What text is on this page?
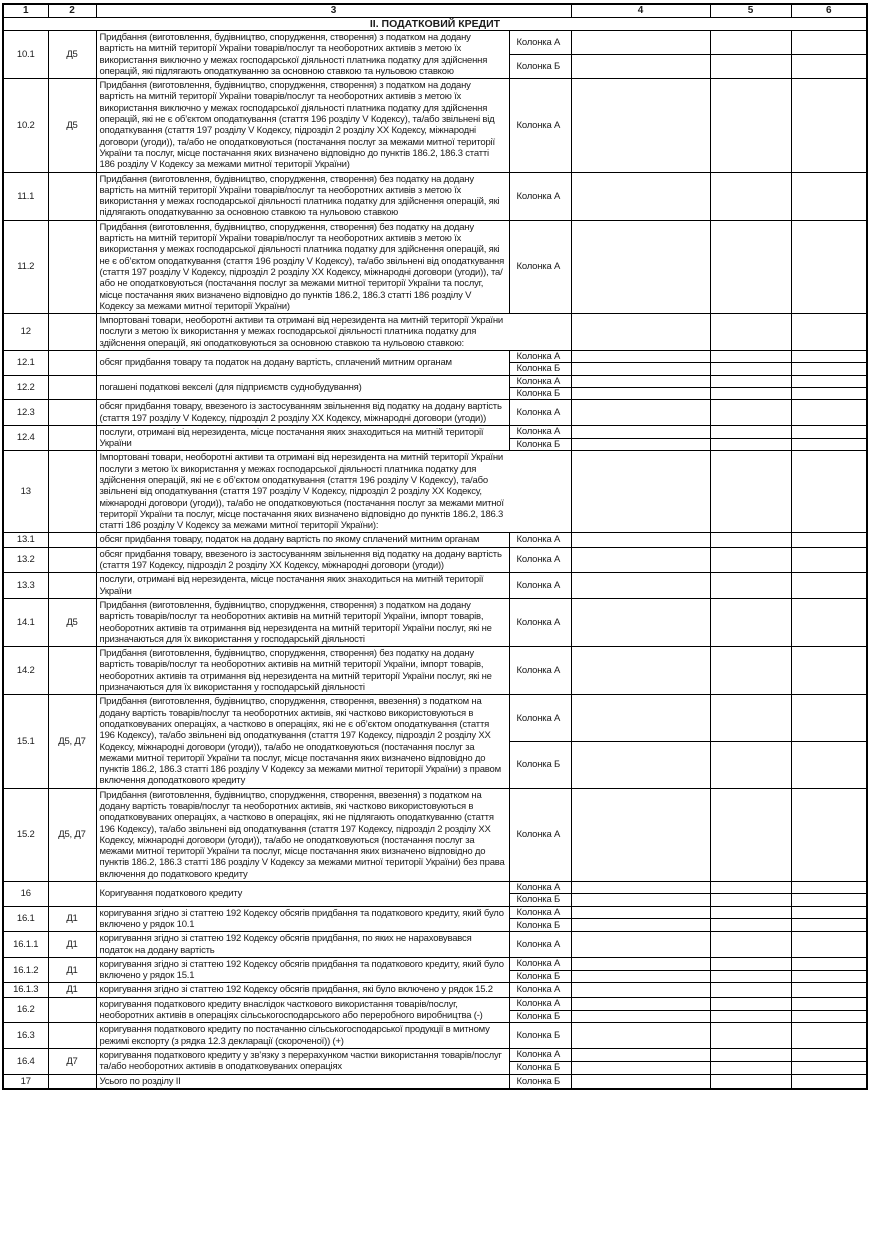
1	2	3		4	5	6
ІІ. ПОДАТКОВИЙ КРЕДИТ						
10.1	Д5	Придбання (виготовлення, будівництво, спорудження, створення) з податком на додану вартість на митній території України товарів/послуг та необоротних активів з метою їх використання виключно у межах господарської діяльності платника податку для здійснення операцій, які підлягають оподаткуванню за основною ставкою та нульовою ставкою	Колонка А			
			Колонка Б			
10.2	Д5	Придбання (виготовлення, будівництво, спорудження, створення) з податком на додану вартість на митній території України товарів/послуг та необоротних активів з метою їх використання виключно у межах господарської діяльності платника податку для здійснення операцій, які не є об’єктом оподаткування (стаття 196 розділу V Кодексу), та/або звільнені від оподаткування (стаття 197 розділу V Кодексу, підрозділ 2 розділу XX Кодексу, міжнародні договори (угоди)), та/або не оподатковуються (постачання послуг за межами митної території України та послуг, місце постачання яких визначено відповідно до пунктів 186.2, 186.3 статті 186 розділу V Кодексу за межами митної території України)	Колонка А			
11.1		Придбання (виготовлення, будівництво, спорудження, створення) без податку на додану вартість на митній території України товарів/послуг та необоротних активів з метою їх використання у межах господарської діяльності платника податку для здійснення операцій, які підлягають оподаткуванню за основною ставкою та нульовою ставкою	Колонка А			
11.2		Придбання (виготовлення, будівництво, спорудження, створення) без податку на додану вартість на митній території України товарів/послуг та необоротних активів з метою їх використання у межах господарської діяльності платника податку для здійснення операцій, які не є об’єктом оподаткування (стаття 196 розділу V Кодексу), та/або звільнені від оподаткування (стаття 197 розділу V Кодексу, підрозділ 2 розділу XX Кодексу, міжнародні договори (угоди)), та/або не оподатковуються (постачання послуг за межами митної території України та послуг, місце постачання яких визначено відповідно до пунктів 186.2, 186.3 статті 186 розділу V Кодексу за межами митної території України)	Колонка А			
12		Імпортовані товари, необоротні активи та отримані від нерезидента на митній території України послуги з метою їх використання у межах господарської діяльності платника податку для здійснення операцій, які оподатковуються за основною ставкою та нульовою ставкою:				

12.1		обсяг придбання товару та податок на додану вартість, сплачений митним органам	Колонка А			
			Колонка Б			
12.2		погашені податкові векселі (для підприємств суднобудування)	Колонка А			
			Колонка Б			
12.3		обсяг придбання товару, ввезеного із застосуванням звільнення від податку на додану вартість (стаття 197 розділу V Кодексу, підрозділ 2 розділу XX Кодексу, міжнародні договори (угоди))	Колонка А			
12.4		послуги, отримані від нерезидента, місце постачання яких знаходиться на митній території України	Колонка А			
			Колонка Б			
13		Імпортовані товари, необоротні активи та отримані від нерезидента на митній території України послуги з метою їх використання у межах господарської діяльності платника податку для здійснення операцій, які не є об’єктом оподаткування (стаття 196 розділу V Кодексу), та/або звільнені від оподаткування (стаття 197 розділу V Кодексу, підрозділ 2 розділу XX Кодексу, міжнародні договори (угоди)), та/або не оподатковуються (постачання послуг за межами митної території України та послуг, місце постачання яких визначено відповідно до пунктів 186.2, 186.3 статті 186 розділу V Кодексу за межами митної території України):				

13.1		обсяг придбання товару, податок на додану вартість по якому сплачений митним органам	Колонка А			
13.2		обсяг придбання товару, ввезеного із застосуванням звільнення від податку на додану вартість (стаття 197 Кодексу, підрозділ 2 розділу XX Кодексу, міжнародні договори (угоди))	Колонка А			
13.3		послуги, отримані від нерезидента, місце постачання яких знаходиться на митній території України	Колонка А			
14.1	Д5	Придбання (виготовлення, будівництво, спорудження, створення) з податком на додану вартість товарів/послуг та необоротних активів на митній території України, імпорт товарів, необоротних активів та отримання від нерезидента на митній території України послуг, які не призначаються для їх використання у господарській діяльності	Колонка А			
14.2		Придбання (виготовлення, будівництво, спорудження, створення) без податку на додану вартість товарів/послуг та необоротних активів на митній території України, імпорт товарів, необоротних активів та отримання від нерезидента на митній території України послуг, які не призначаються для їх використання у господарській діяльності	Колонка А			
15.1	Д5, Д7	Придбання (виготовлення, будівництво, спорудження, створення, ввезення) з податком на додану вартість товарів/послуг та необоротних активів, які частково використовуються в оподатковуваних операціях, а частково в операціях, які не є об’єктом оподаткування (стаття 196 Кодексу), та/або звільнені від оподаткування (стаття 197 Кодексу, підрозділ 2 розділу XX Кодексу, міжнародні договори (угоди)), та/або не оподатковуються (постачання послуг за межами митної території України та послуг, місце постачання яких визначено відповідно до пунктів 186.2, 186.3 статті 186 розділу V Кодексу за межами митної території України) з правом включення доподаткового кредиту	Колонка А			
			Колонка Б			
15.2	Д5, Д7	Придбання (виготовлення, будівництво, спорудження, створення, ввезення) з податком на додану вартість товарів/послуг та необоротних активів, які частково використовуються в оподатковуваних операціях, а частково в операціях, які не підлягають оподаткуванню (стаття 196 Кодексу), та/або звільнені від оподаткування (стаття 197 Кодексу, підрозділ 2 розділу XX Кодексу, міжнародні договори (угоди)), та/або не оподатковуються (постачання послуг за межами митної території України та послуг, місце постачання яких визначено відповідно до пунктів 186.2, 186.3 статті 186 розділу V Кодексу за межами митної території України) без права включення до податкового кредиту	Колонка А			
16		Коригування податкового кредиту	Колонка А			
			Колонка Б			
16.1	Д1	коригування згідно зі статтею 192 Кодексу обсягів придбання та податкового кредиту, який було включено у рядок 10.1	Колонка А			
			Колонка Б			
16.1.1	Д1	коригування згідно зі статтею 192 Кодексу обсягів придбання, по яких не нараховувався податок на додану вартість	Колонка А			
16.1.2	Д1	коригування згідно зі статтею 192 Кодексу обсягів придбання та податкового кредиту, який було включено у рядок 15.1	Колонка А			
			Колонка Б			
16.1.3	Д1	коригування згідно зі статтею 192 Кодексу обсягів придбання, які було включено у рядок 15.2	Колонка А			
16.2		коригування податкового кредиту внаслідок часткового використання товарів/послуг, необоротних активів в операціях сільськогосподарського або переробного виробництва (-)	Колонка А			
			Колонка Б			
16.3		коригування податкового кредиту по постачанню сільськогосподарської продукції в митному режимі експорту (з рядка 12.3 декларації (скороченої)) (+)	Колонка Б			
16.4	Д7	коригування податкового кредиту у зв’язку з перерахунком частки використання товарів/послуг та/або необоротних активів в оподатковуваних операціях	Колонка А			
			Колонка Б			
17		Усього по розділу ІІ	Колонка Б			
